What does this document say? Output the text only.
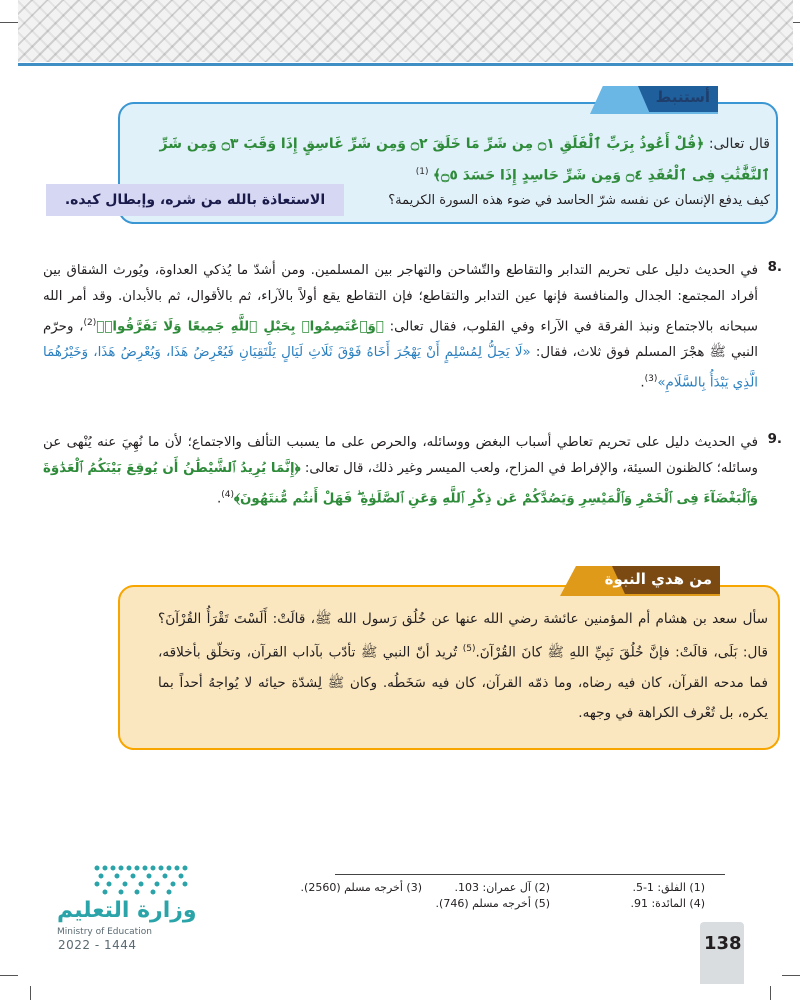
أستنبط
قال تعالى: ﴿قُلْ أَعُوذُ بِرَبِّ ٱلْفَلَقِ ۝١ مِن شَرِّ مَا خَلَقَ ۝٢ وَمِن شَرِّ غَاسِقٍ إِذَا وَقَبَ ۝٣ وَمِن شَرِّ ٱلنَّفَّٰثَٰتِ فِى ٱلْعُقَدِ ۝٤ وَمِن شَرِّ حَاسِدٍ إِذَا حَسَدَ ۝٥﴾ $^{(1)}$
كيف يدفع الإنسان عن نفسه شرّ الحاسد في ضوء هذه السورة الكريمة؟
الاستعاذة بالله من شره، وإبطال كيده.
8.
في الحديث دليل على تحريم التدابر والتقاطع والتّشاحن والتهاجر بين المسلمين. ومن أشدّ ما يُذكي العداوة، ويُورث الشقاق بين أفراد المجتمع: الجدال والمنافسة فإنها عين التدابر والتقاطع؛ فإن التقاطع يقع أولاً بالآراء، ثم بالأقوال، ثم بالأبدان. وقد أمر الله سبحانه بالاجتماع ونبذ الفرقة في الآراء وفي القلوب، فقال تعالى: ﴿وَٱعْتَصِمُوا۟ بِحَبْلِ ٱللَّهِ جَمِيعًا وَلَا تَفَرَّقُوا۟﴾$^{(2)}$، وحرّم النبي ﷺ هجْرَ المسلم فوق ثلاث، فقال: «لَا يَحِلُّ لِمُسْلِمٍ أَنْ يَهْجُرَ أَخَاهُ فَوْقَ ثَلَاثِ لَيَالٍ يَلْتَقِيَانِ فَيُعْرِضُ هَذَا، وَيُعْرِضُ هَذَا، وَخَيْرُهُمَا الَّذِي يَبْدَأُ بِالسَّلَامِ»$^{(3)}$.
9.
في الحديث دليل على تحريم تعاطي أسباب البغض ووسائله، والحرص على ما يسبب التألف والاجتماع؛ لأن ما نُهِيَ عنه يُنْهى عن وسائله؛ كالظنون السيئة، والإفراط في المزاح، ولعب الميسر وغير ذلك، قال تعالى: ﴿إِنَّمَا يُرِيدُ ٱلشَّيْطَٰنُ أَن يُوقِعَ بَيْنَكُمُ ٱلْعَدَٰوَةَ وَٱلْبَغْضَآءَ فِى ٱلْخَمْرِ وَٱلْمَيْسِرِ وَيَصُدَّكُمْ عَن ذِكْرِ ٱللَّهِ وَعَنِ ٱلصَّلَوٰةِ ۖ فَهَلْ أَنتُم مُّنتَهُونَ﴾$^{(4)}$.
من هدي النبوة
سأل سعد بن هشام أم المؤمنين عائشة رضي الله عنها عن خُلُق رَسول الله ﷺ، قالَتْ: أَلَسْتَ تَقْرَأُ القُرْآنَ؟ قال: بَلَى، قالَتْ: فإنَّ خُلُقَ نَبِيِّ اللهِ ﷺ كانَ القُرْآنَ.$^{(5)}$ تُريد أنّ النبي ﷺ تأدّب بآداب القرآن، وتخلّق بأخلاقه، فما مدحه القرآن، كان فيه رضاه، وما ذمّه القرآن، كان فيه سَخَطُه. وكان ﷺ لِشدّة حيائه لا يُواجهُ أحداً بما يكره، بل تُعْرف الكراهة في وجهه.
(1) الفلق: 1-5.
(2) آل عمران: 103.
(3) أخرجه مسلم (2560).
(4) المائدة: 91.
(5) أخرجه مسلم (746).
وزارة التعليم
Ministry of Education
2022 - 1444	138
